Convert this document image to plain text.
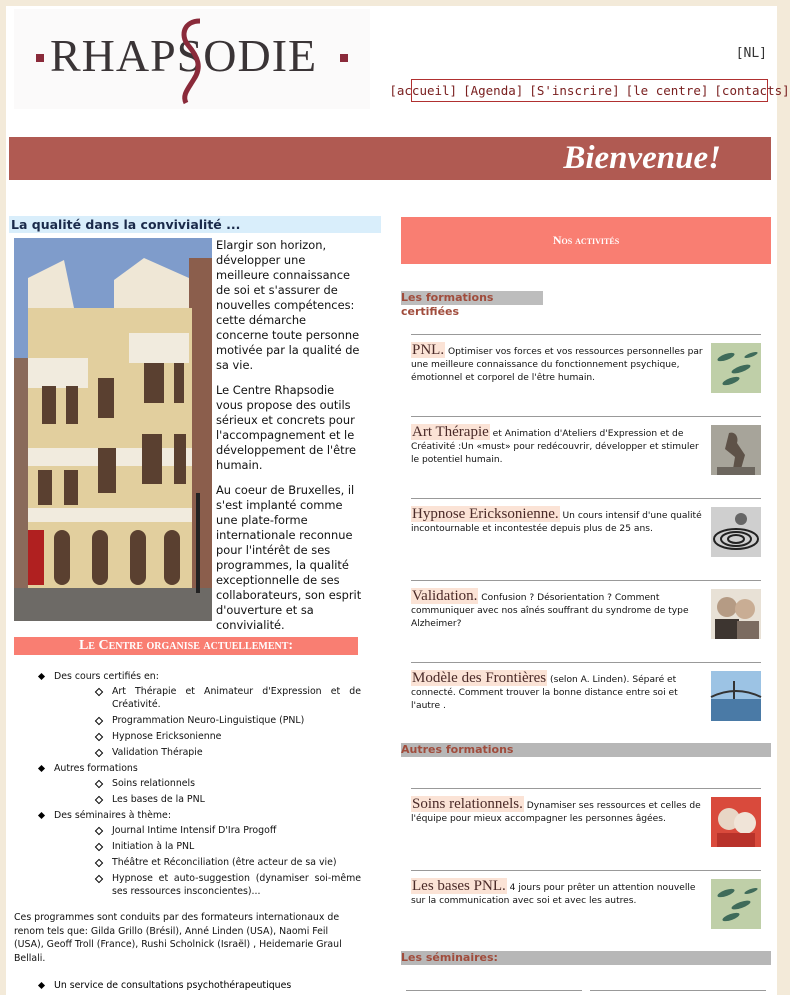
RHAPSODIE	[NL]
[accueil] [Agenda] [S'inscrire] [le centre] [contacts]
Bienvenue!
La qualité dans la convivialité ...

Elargir son horizon, développer une meilleure connaissance de soi et s'assurer de nouvelles compétences: cette démarche concerne toute personne motivée par la qualité de sa vie.

Le Centre Rhapsodie vous propose des outils sérieux et concrets pour l'accompagnement et le développement de l'être humain.

Au coeur de Bruxelles, il s'est implanté comme une plate-forme internationale reconnue pour l'intérêt de ses programmes, la qualité exceptionnelle de ses collaborateurs, son esprit d'ouverture et sa convivialité.

Le Centre organise actuellement:
Des cours certifiés en:
Art Thérapie et Animateur d'Expression et de Créativité.
Programmation Neuro-Linguistique (PNL)
Hypnose Ericksonienne
Validation Thérapie
Autres formations
Soins relationnels
Les bases de la PNL
Des séminaires à thème:
Journal Intime Intensif D'Ira Progoff
Initiation à la PNL
Théâtre et Réconciliation (être acteur de sa vie)
Hypnose et auto-suggestion (dynamiser soi-même ses ressources insconcientes)...
Ces programmes sont conduits par des formateurs internationaux de renom tels que: Gilda Grillo (Brésil), Anné Linden (USA), Naomi Feil (USA), Geoff Troll (France), Rushi Scholnick (Israël) , Heidemarie Graul Bellali.
Un service de consultations psychothérapeutiques
Nos activités
Les formations certifiées
PNL. Optimiser vos forces et vos ressources personnelles par une meilleure connaissance du fonctionnement psychique, émotionnel et corporel de l'être humain.
Art Thérapie et Animation d'Ateliers d'Expression et de Créativité :Un «must» pour redécouvrir, développer et stimuler le potentiel humain.
Hypnose Ericksonienne. Un cours intensif d'une qualité incontournable et incontestée depuis plus de 25 ans.
Validation. Confusion ? Désorientation ? Comment communiquer avec nos aînés souffrant du syndrome de type Alzheimer?
Modèle des Frontières (selon A. Linden). Séparé et connecté. Comment trouver la bonne distance entre soi et l'autre .
Autres formations
Soins relationnels. Dynamiser ses ressources et celles de l'équipe pour mieux accompagner les personnes âgées.
Les bases PNL. 4 jours pour prêter un attention nouvelle sur la communication avec soi et avec les autres.
Les séminaires:
